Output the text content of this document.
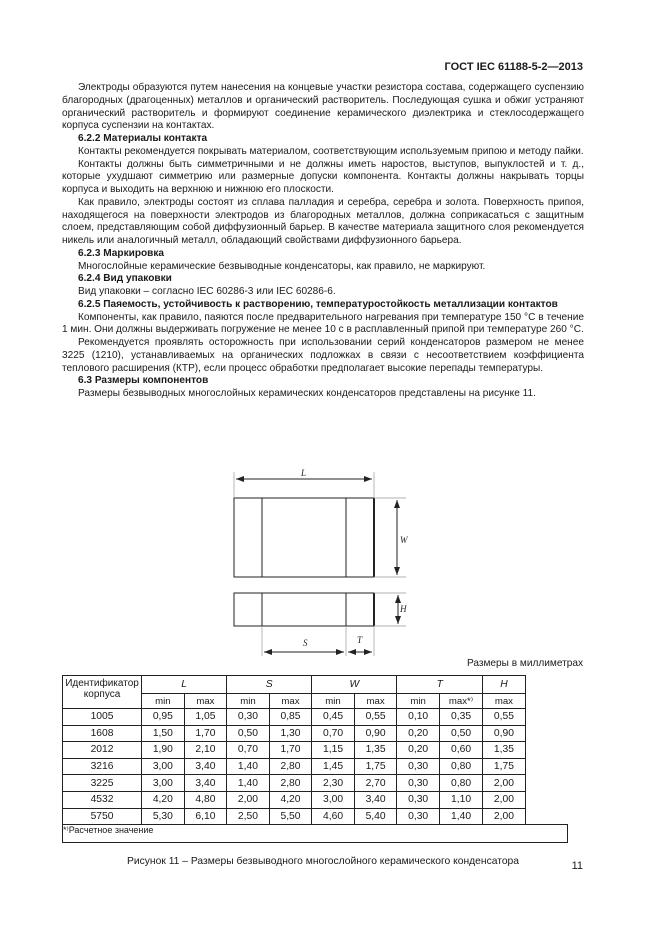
ГОСТ IEC 61188-5-2—2013

Электроды образуются путем нанесения на концевые участки резистора состава, содержащего суспензию благородных (драгоценных) металлов и органический растворитель. Последующая сушка и обжиг устраняют органический растворитель и формируют соединение керамического диэлектрика и стеклосодержащего корпуса суспензии на контактах.

6.2.2 Материалы контакта

Контакты рекомендуется покрывать материалом, соответствующим используемым припою и методу пайки.

Контакты должны быть симметричными и не должны иметь наростов, выступов, выпуклостей и т. д., которые ухудшают симметрию или размерные допуски компонента. Контакты должны накрывать торцы корпуса и выходить на верхнюю и нижнюю его плоскости.

Как правило, электроды состоят из сплава палладия и серебра, серебра и золота. Поверхность припоя, находящегося на поверхности электродов из благородных металлов, должна соприкасаться с защитным слоем, представляющим собой диффузионный барьер. В качестве материала защитного слоя рекомендуется никель или аналогичный металл, обладающий свойствами диффузионного барьера.

6.2.3 Маркировка

Многослойные керамические безвыводные конденсаторы, как правило, не маркируют.

6.2.4 Вид упаковки

Вид упаковки – согласно IEC 60286-3 или IEC 60286-6.

6.2.5 Паяемость, устойчивость к растворению, температуростойкость металлизации контактов

Компоненты, как правило, паяются после предварительного нагревания при температуре 150 °С в течение 1 мин. Они должны выдерживать погружение не менее 10 с в расплавленный припой при температуре 260 °С.

Рекомендуется проявлять осторожность при использовании серий конденсаторов размером не менее 3225 (1210), устанавливаемых на органических подложках в связи с несоответствием коэффициента теплового расширения (КТР), если процесс обработки предполагает высокие перепады температуры.

6.3 Размеры компонентов

Размеры безвыводных многослойных керамических конденсаторов представлены на рисунке 11.

L
W
H
S	T
Размеры в миллиметрах
Идентификатор корпуса	L		S		W		T		H
	min	max	min	max	min	max	min	max*⁾	max
1005	0,95	1,05	0,30	0,85	0,45	0,55	0,10	0,35	0,55
1608	1,50	1,70	0,50	1,30	0,70	0,90	0,20	0,50	0,90
2012	1,90	2,10	0,70	1,70	1,15	1,35	0,20	0,60	1,35
3216	3,00	3,40	1,40	2,80	1,45	1,75	0,30	0,80	1,75
3225	3,00	3,40	1,40	2,80	2,30	2,70	0,30	0,80	2,00
4532	4,20	4,80	2,00	4,20	3,00	3,40	0,30	1,10	2,00
5750	5,30	6,10	2,50	5,50	4,60	5,40	0,30	1,40	2,00
*⁾Расчетное значение									
Рисунок 11 – Размеры безвыводного многослойного керамического конденсатора	11
